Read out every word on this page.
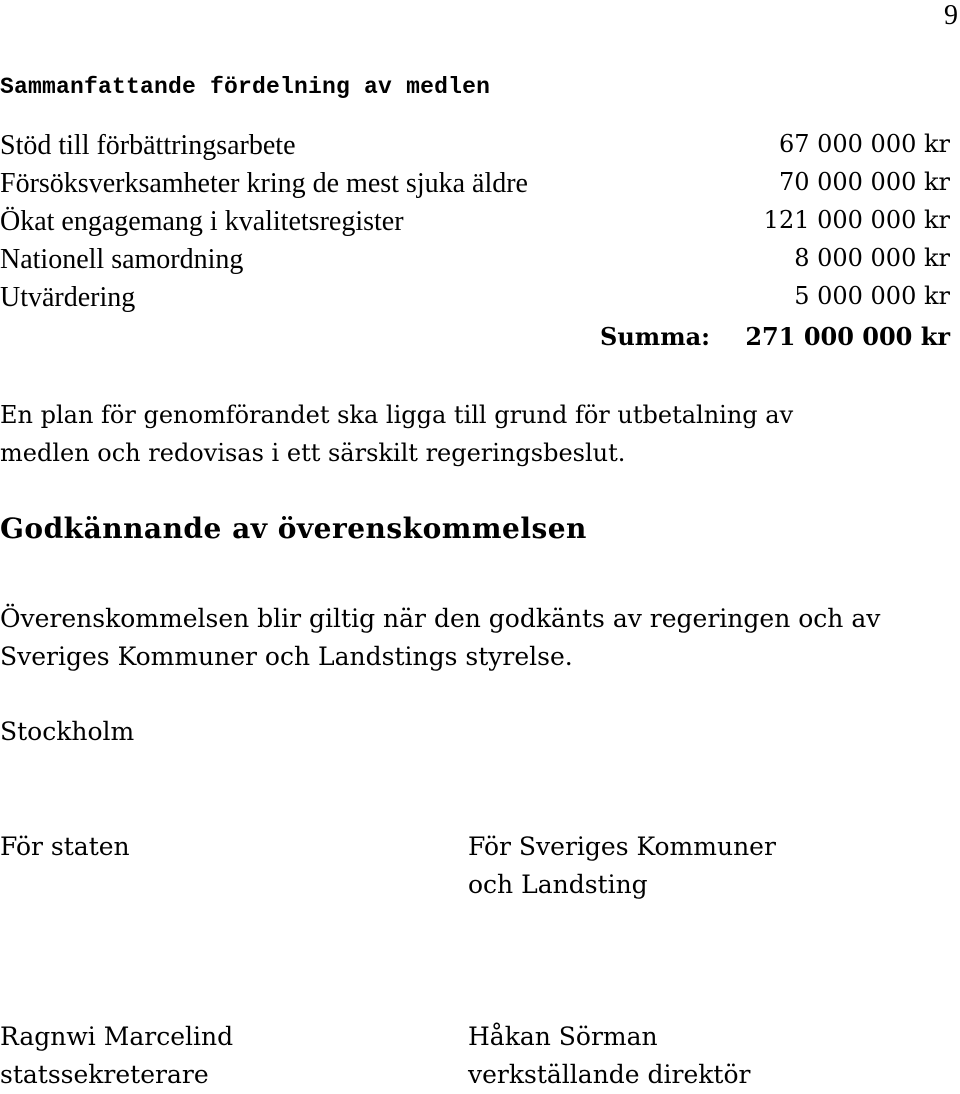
9
Sammanfattande fördelning av medlen
Stöd till förbättringsarbete	67 000 000 kr
Försöksverksamheter kring de mest sjuka äldre	70 000 000 kr
Ökat engagemang i kvalitetsregister	121 000 000 kr
Nationell samordning	8 000 000 kr
Utvärdering	5 000 000 kr
Summa: 271 000 000 kr
En plan för genomförandet ska ligga till grund för utbetalning av
medlen och redovisas i ett särskilt regeringsbeslut.
Godkännande av överenskommelsen
Överenskommelsen blir giltig när den godkänts av regeringen och av
Sveriges Kommuner och Landstings styrelse.
Stockholm
För staten	För Sveriges Kommuner
och Landsting
Ragnwi Marcelind
statssekreterare
Håkan Sörman
verkställande direktör
